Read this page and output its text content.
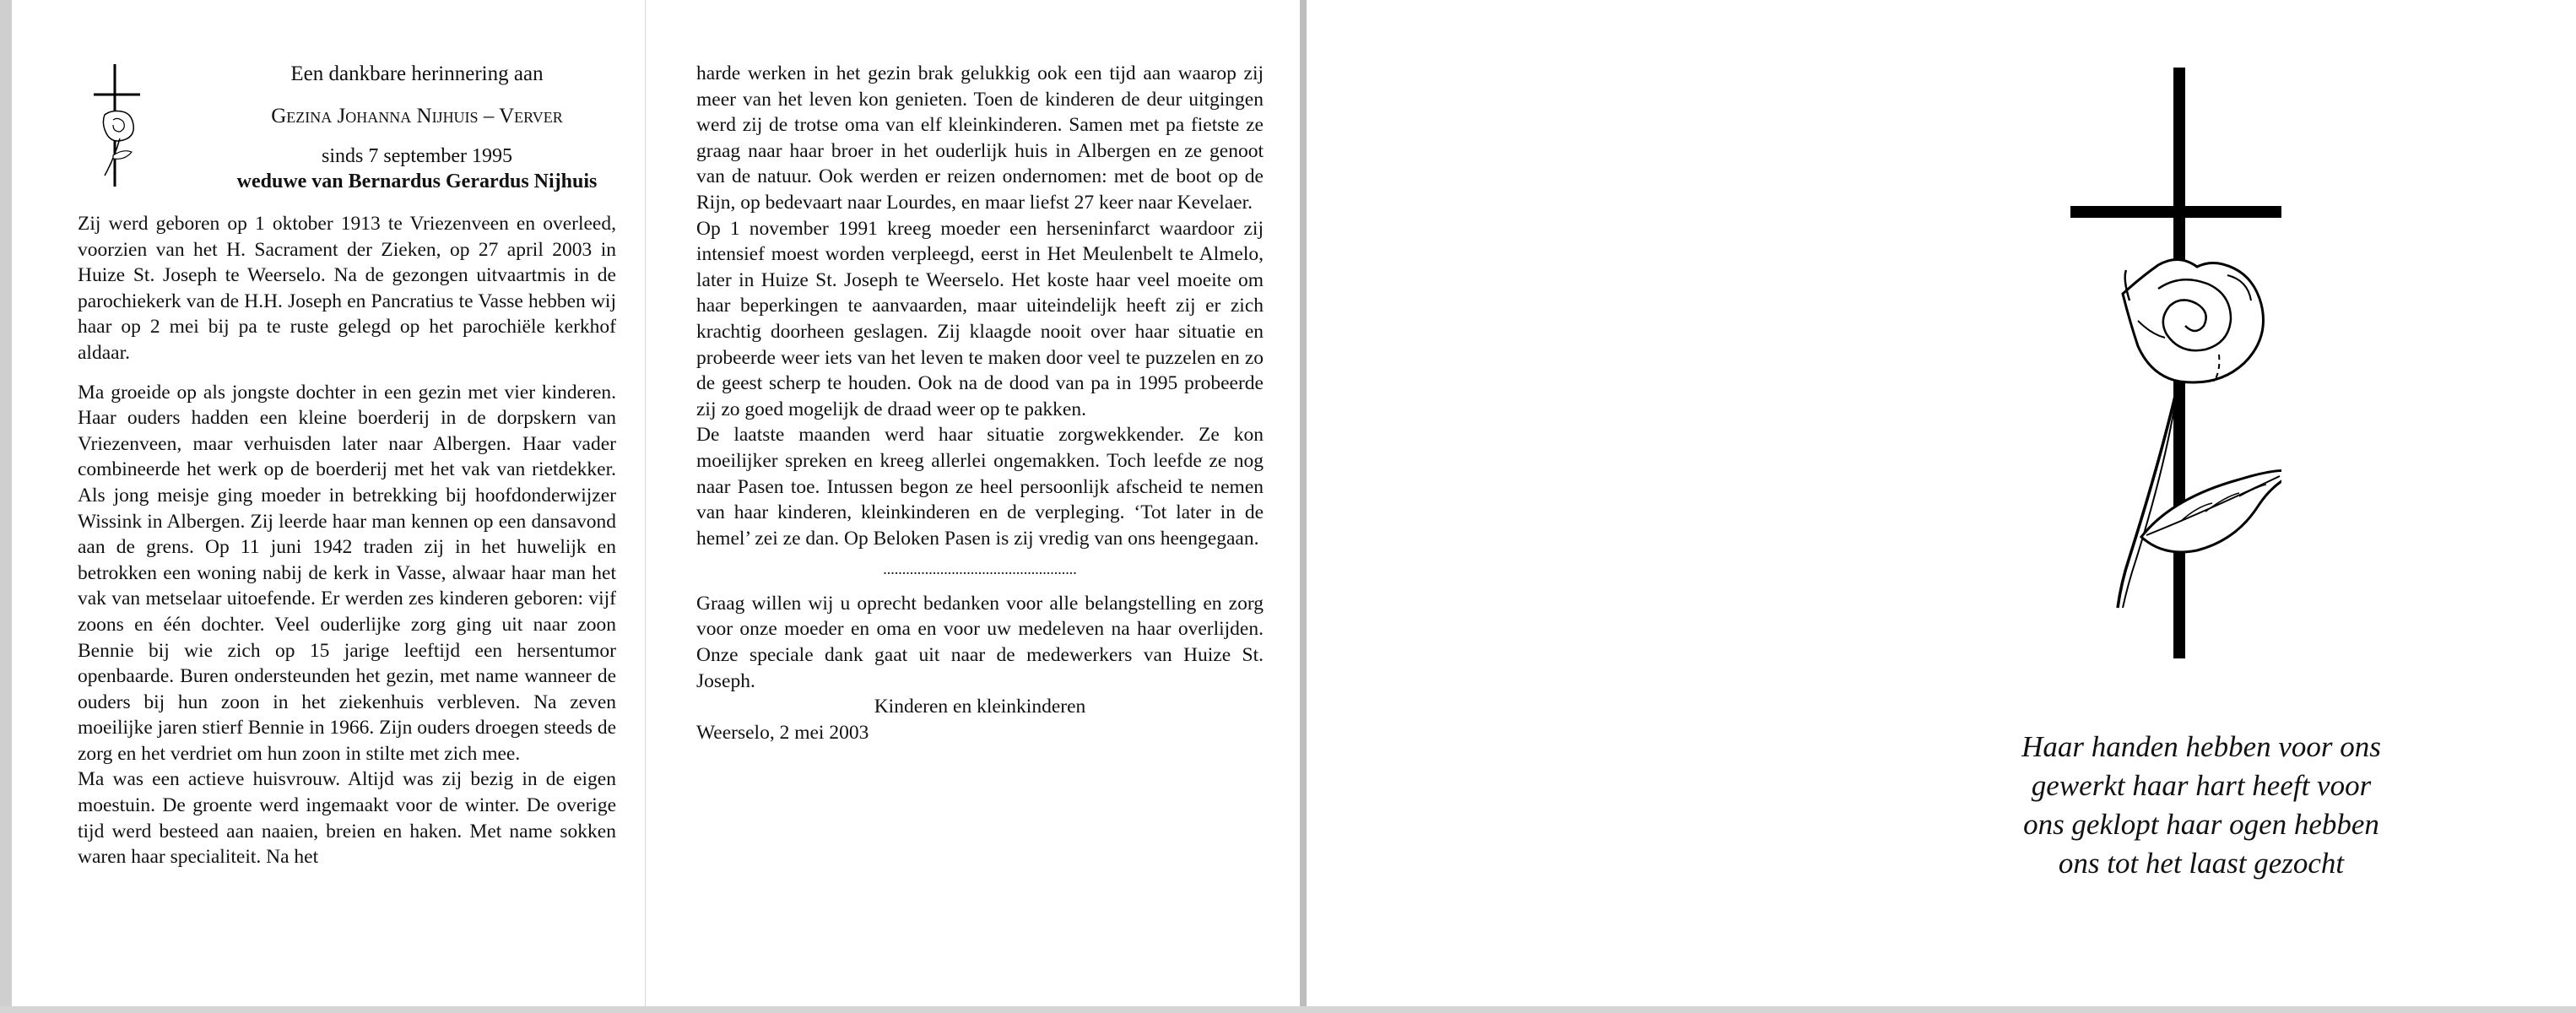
Een dankbare herinnering aan

Gezina Johanna Nijhuis – Verver

sinds 7 september 1995

weduwe van Bernardus Gerardus Nijhuis

Zij werd geboren op 1 oktober 1913 te Vriezenveen en overleed, voorzien van het H. Sacrament der Zieken, op 27 april 2003 in Huize St. Joseph te Weerselo. Na de gezongen uitvaartmis in de parochiekerk van de H.H. Joseph en Pancratius te Vasse hebben wij haar op 2 mei bij pa te ruste gelegd op het parochiële kerkhof aldaar.

Ma groeide op als jongste dochter in een gezin met vier kinderen. Haar ouders hadden een kleine boerderij in de dorpskern van Vriezenveen, maar verhuisden later naar Albergen. Haar vader combineerde het werk op de boerderij met het vak van rietdekker. Als jong meisje ging moeder in betrekking bij hoofdonderwijzer Wissink in Albergen. Zij leerde haar man kennen op een dansavond aan de grens. Op 11 juni 1942 traden zij in het huwelijk en betrokken een woning nabij de kerk in Vasse, alwaar haar man het vak van metselaar uitoefende. Er werden zes kinderen geboren: vijf zoons en één dochter. Veel ouderlijke zorg ging uit naar zoon Bennie bij wie zich op 15 jarige leeftijd een hersentumor openbaarde. Buren ondersteunden het gezin, met name wanneer de ouders bij hun zoon in het ziekenhuis verbleven. Na zeven moeilijke jaren stierf Bennie in 1966. Zijn ouders droegen steeds de zorg en het verdriet om hun zoon in stilte met zich mee.

Ma was een actieve huisvrouw. Altijd was zij bezig in de eigen moestuin. De groente werd ingemaakt voor de winter. De overige tijd werd besteed aan naaien, breien en haken. Met name sokken waren haar specialiteit. Na het

harde werken in het gezin brak gelukkig ook een tijd aan waarop zij meer van het leven kon genieten. Toen de kinderen de deur uitgingen werd zij de trotse oma van elf kleinkinderen. Samen met pa fietste ze graag naar haar broer in het ouderlijk huis in Albergen en ze genoot van de natuur. Ook werden er reizen ondernomen: met de boot op de Rijn, op bedevaart naar Lourdes, en maar liefst 27 keer naar Kevelaer.

Op 1 november 1991 kreeg moeder een herseninfarct waardoor zij intensief moest worden verpleegd, eerst in Het Meulenbelt te Almelo, later in Huize St. Joseph te Weerselo. Het koste haar veel moeite om haar beperkingen te aanvaarden, maar uiteindelijk heeft zij er zich krachtig doorheen geslagen. Zij klaagde nooit over haar situatie en probeerde weer iets van het leven te maken door veel te puzzelen en zo de geest scherp te houden. Ook na de dood van pa in 1995 probeerde zij zo goed mogelijk de draad weer op te pakken.

De laatste maanden werd haar situatie zorgwekkender. Ze kon moeilijker spreken en kreeg allerlei ongemakken. Toch leefde ze nog naar Pasen toe. Intussen begon ze heel persoonlijk afscheid te nemen van haar kinderen, kleinkinderen en de verpleging. ‘Tot later in de hemel’ zei ze dan. Op Beloken Pasen is zij vredig van ons heengegaan.

...................................................

Graag willen wij u oprecht bedanken voor alle belangstelling en zorg voor onze moeder en oma en voor uw medeleven na haar overlijden. Onze speciale dank gaat uit naar de medewerkers van Huize St. Joseph.

Kinderen en kleinkinderen

Weerselo, 2 mei 2003	Haar handen hebben voor ons

gewerkt haar hart heeft voor

ons geklopt haar ogen hebben

ons tot het laast gezocht
